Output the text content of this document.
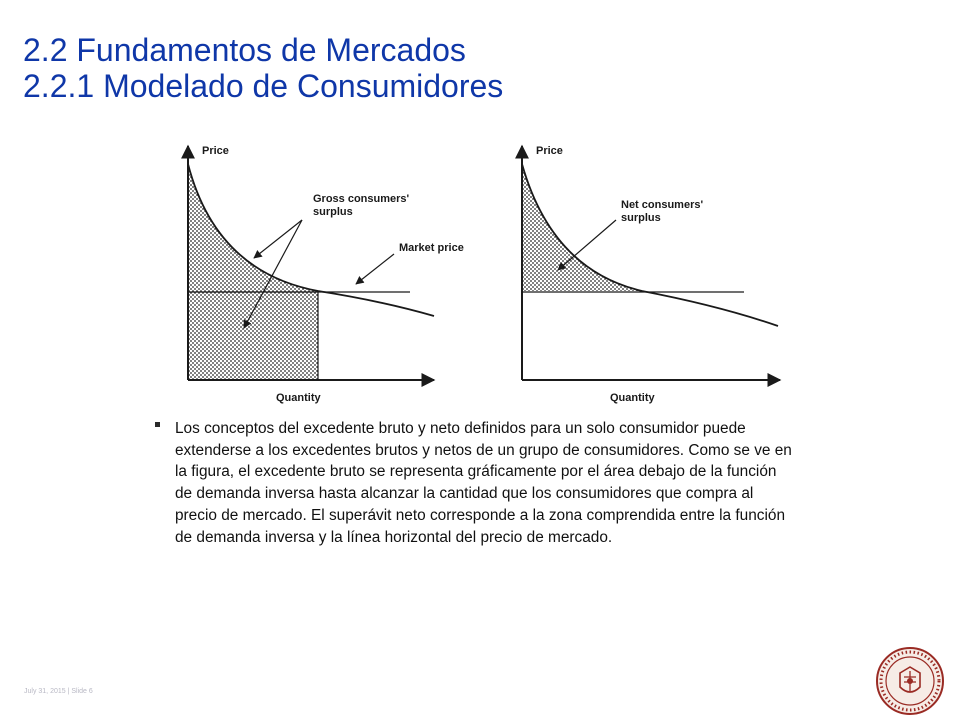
2.2 Fundamentos de Mercados
2.2.1 Modelado de Consumidores
Price
Quantity
Gross consumers'
surplus
Market price
Price
Quantity
Net consumers'
surplus
Los conceptos del excedente bruto y neto definidos para un solo consumidor puede extenderse a los excedentes brutos y netos de un grupo de consumidores. Como se ve en la figura, el excedente bruto se representa gráficamente por el área debajo de la función de demanda inversa hasta alcanzar la cantidad que los consumidores que compra al precio de mercado. El superávit neto corresponde a la zona comprendida entre la función de demanda inversa y la línea horizontal del precio de mercado.
July 31, 2015 | Slide 6
